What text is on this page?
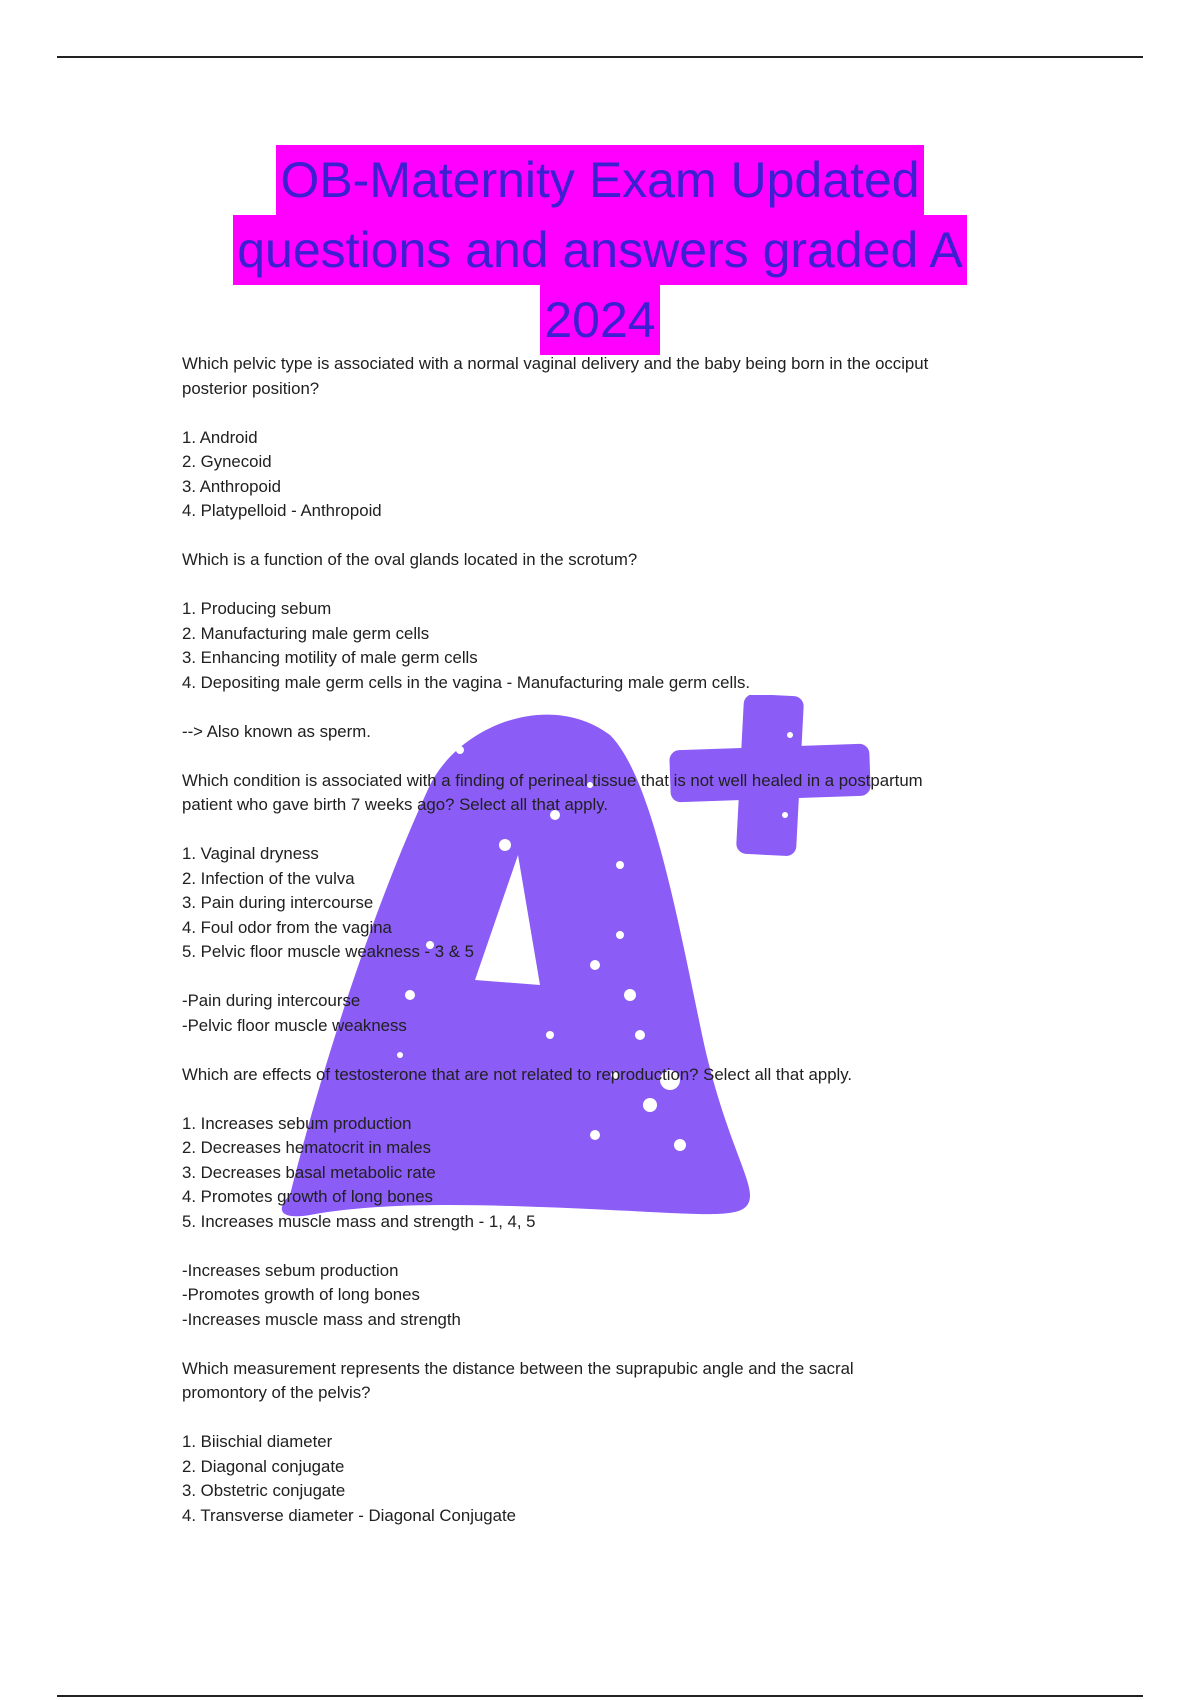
OB-Maternity Exam Updated
questions and answers graded A
2024
Which pelvic type is associated with a normal vaginal delivery and the baby being born in the occiput
posterior position?
1. Android
2. Gynecoid
3. Anthropoid
4. Platypelloid - Anthropoid
Which is a function of the oval glands located in the scrotum?
1. Producing sebum
2. Manufacturing male germ cells
3. Enhancing motility of male germ cells
4. Depositing male germ cells in the vagina - Manufacturing male germ cells.
--> Also known as sperm.
Which condition is associated with a finding of perineal tissue that is not well healed in a postpartum
patient who gave birth 7 weeks ago? Select all that apply.
1. Vaginal dryness
2. Infection of the vulva
3. Pain during intercourse
4. Foul odor from the vagina
5. Pelvic floor muscle weakness - 3 & 5
-Pain during intercourse
-Pelvic floor muscle weakness
Which are effects of testosterone that are not related to reproduction? Select all that apply.
1. Increases sebum production
2. Decreases hematocrit in males
3. Decreases basal metabolic rate
4. Promotes growth of long bones
5. Increases muscle mass and strength - 1, 4, 5
-Increases sebum production
-Promotes growth of long bones
-Increases muscle mass and strength
Which measurement represents the distance between the suprapubic angle and the sacral
promontory of the pelvis?
1. Biischial diameter
2. Diagonal conjugate
3. Obstetric conjugate
4. Transverse diameter - Diagonal Conjugate
